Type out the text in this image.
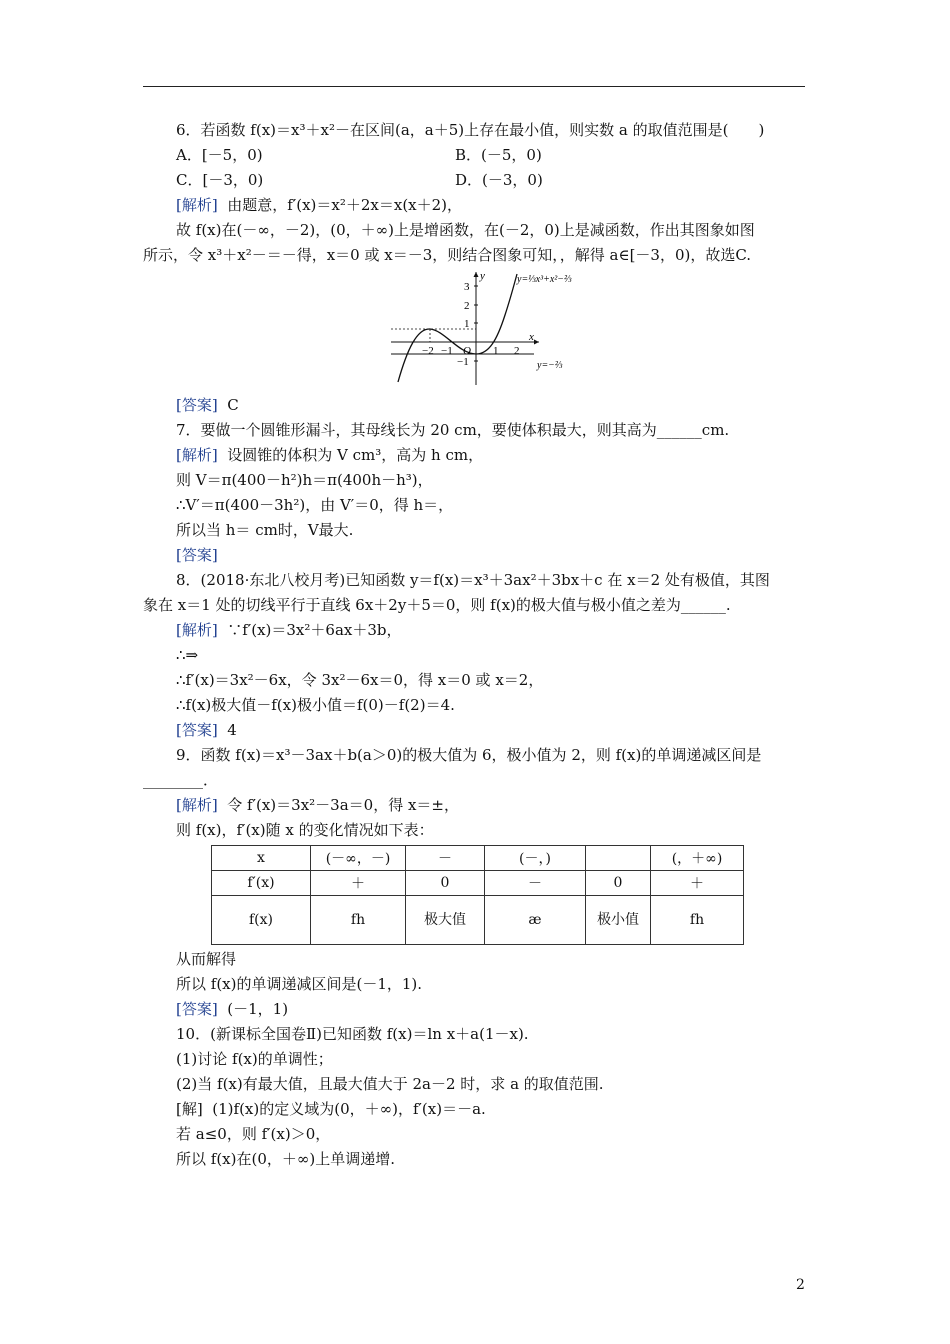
6．若函数 f(x)＝x³＋x²－在区间(a，a＋5)上存在最小值，则实数 a 的取值范围是(　　)
A．[－5，0)	B．(－5，0)
C．[－3，0)	D．(－3，0)
[解析] 由题意，f′(x)＝x²＋2x＝x(x＋2)，
故 f(x)在(－∞，－2)，(0，＋∞)上是增函数，在(－2，0)上是减函数，作出其图象如图
所示，令 x³＋x²－＝－得，x＝0 或 x＝－3，则结合图象可知，，解得 a∈[－3，0)，故选C.
3
2
1
−1
−2 −1 O 1 2
x
y	y=⅓x³+x²−⅔
y=−⅔
[答案] C
7．要做一个圆锥形漏斗，其母线长为 20 cm，要使体积最大，则其高为______cm.
[解析] 设圆锥的体积为 V cm³，高为 h cm，
则 V＝π(400－h²)h＝π(400h－h³)，
∴V′＝π(400－3h²)，由 V′＝0，得 h＝，
所以当 h＝ cm时，V最大.
[答案]
8．(2018·东北八校月考)已知函数 y＝f(x)＝x³＋3ax²＋3bx＋c 在 x＝2 处有极值，其图
象在 x＝1 处的切线平行于直线 6x＋2y＋5＝0，则 f(x)的极大值与极小值之差为______.
[解析] ∵f′(x)＝3x²＋6ax＋3b，
∴⇒
∴f′(x)＝3x²－6x，令 3x²－6x＝0，得 x＝0 或 x＝2，
∴f(x)极大值－f(x)极小值＝f(0)－f(2)＝4.
[答案] 4
9．函数 f(x)＝x³－3ax＋b(a＞0)的极大值为 6，极小值为 2，则 f(x)的单调递减区间是
________．
[解析] 令 f′(x)＝3x²－3a＝0，得 x＝±，
则 f(x)，f′(x)随 x 的变化情况如下表：
x	(－∞，－)	－	(－，)		(，＋∞)
f′(x)	＋	0	－	0	＋
f(x)	fh	极大值	æ	极小值	fh
从而解得
所以 f(x)的单调递减区间是(－1，1).
[答案] (－1，1)
10．(新课标全国卷Ⅱ)已知函数 f(x)＝ln x＋a(1－x).
(1)讨论 f(x)的单调性；
(2)当 f(x)有最大值，且最大值大于 2a－2 时，求 a 的取值范围.
[解] (1)f(x)的定义域为(0，＋∞)，f′(x)＝－a.
若 a≤0，则 f′(x)＞0，
所以 f(x)在(0，＋∞)上单调递增.
2
